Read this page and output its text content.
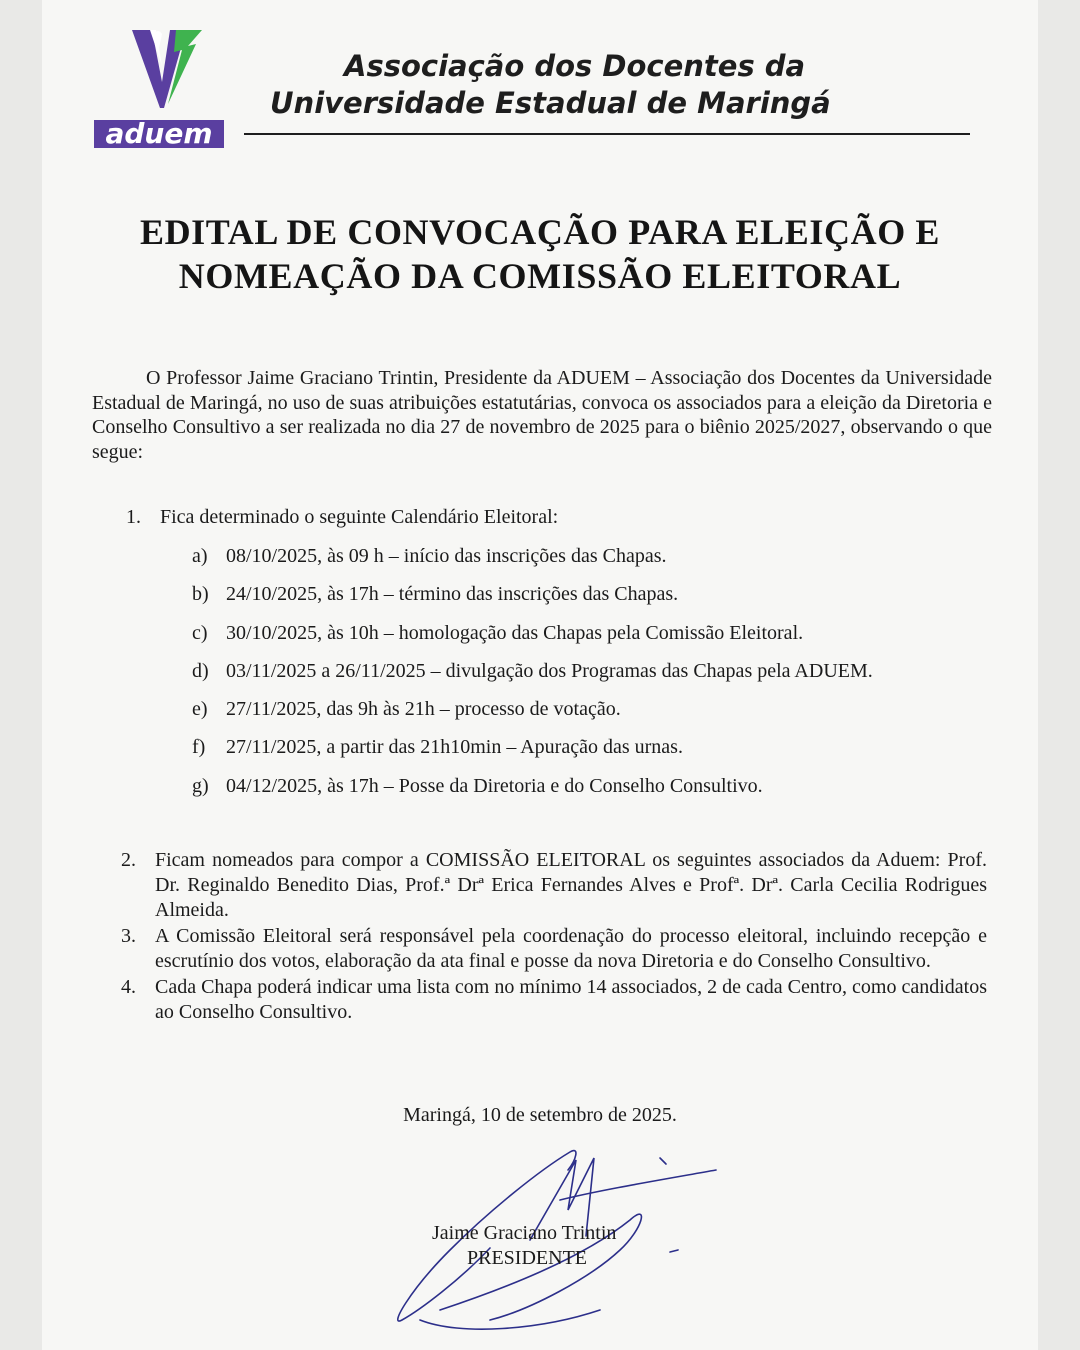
aduem
Associação dos Docentes da
Universidade Estadual de Maringá
EDITAL DE CONVOCAÇÃO PARA ELEIÇÃO E
NOMEAÇÃO DA COMISSÃO ELEITORAL
O Professor Jaime Graciano Trintin, Presidente da ADUEM – Associação dos Docentes da Universidade Estadual de Maringá, no uso de suas atribuições estatutárias, convoca os associados para a eleição da Diretoria e Conselho Consultivo a ser realizada no dia 27 de novembro de 2025 para o biênio 2025/2027, observando o que segue:
1. Fica determinado o seguinte Calendário Eleitoral:
a) 08/10/2025, às 09 h – início das inscrições das Chapas.
b) 24/10/2025, às 17h – término das inscrições das Chapas.
c) 30/10/2025, às 10h – homologação das Chapas pela Comissão Eleitoral.
d) 03/11/2025 a 26/11/2025 – divulgação dos Programas das Chapas pela ADUEM.
e) 27/11/2025, das 9h às 21h – processo de votação.
f) 27/11/2025, a partir das 21h10min – Apuração das urnas.
g) 04/12/2025, às 17h – Posse da Diretoria e do Conselho Consultivo.
2. Ficam nomeados para compor a COMISSÃO ELEITORAL os seguintes associados da Aduem: Prof. Dr. Reginaldo Benedito Dias, Prof.ª Drª Erica Fernandes Alves e Profª. Drª. Carla Cecilia Rodrigues Almeida.
3. A Comissão Eleitoral será responsável pela coordenação do processo eleitoral, incluindo recepção e escrutínio dos votos, elaboração da ata final e posse da nova Diretoria e do Conselho Consultivo.
4. Cada Chapa poderá indicar uma lista com no mínimo 14 associados, 2 de cada Centro, como candidatos ao Conselho Consultivo.
Maringá, 10 de setembro de 2025.
Jaime Graciano Trintin
PRESIDENTE
